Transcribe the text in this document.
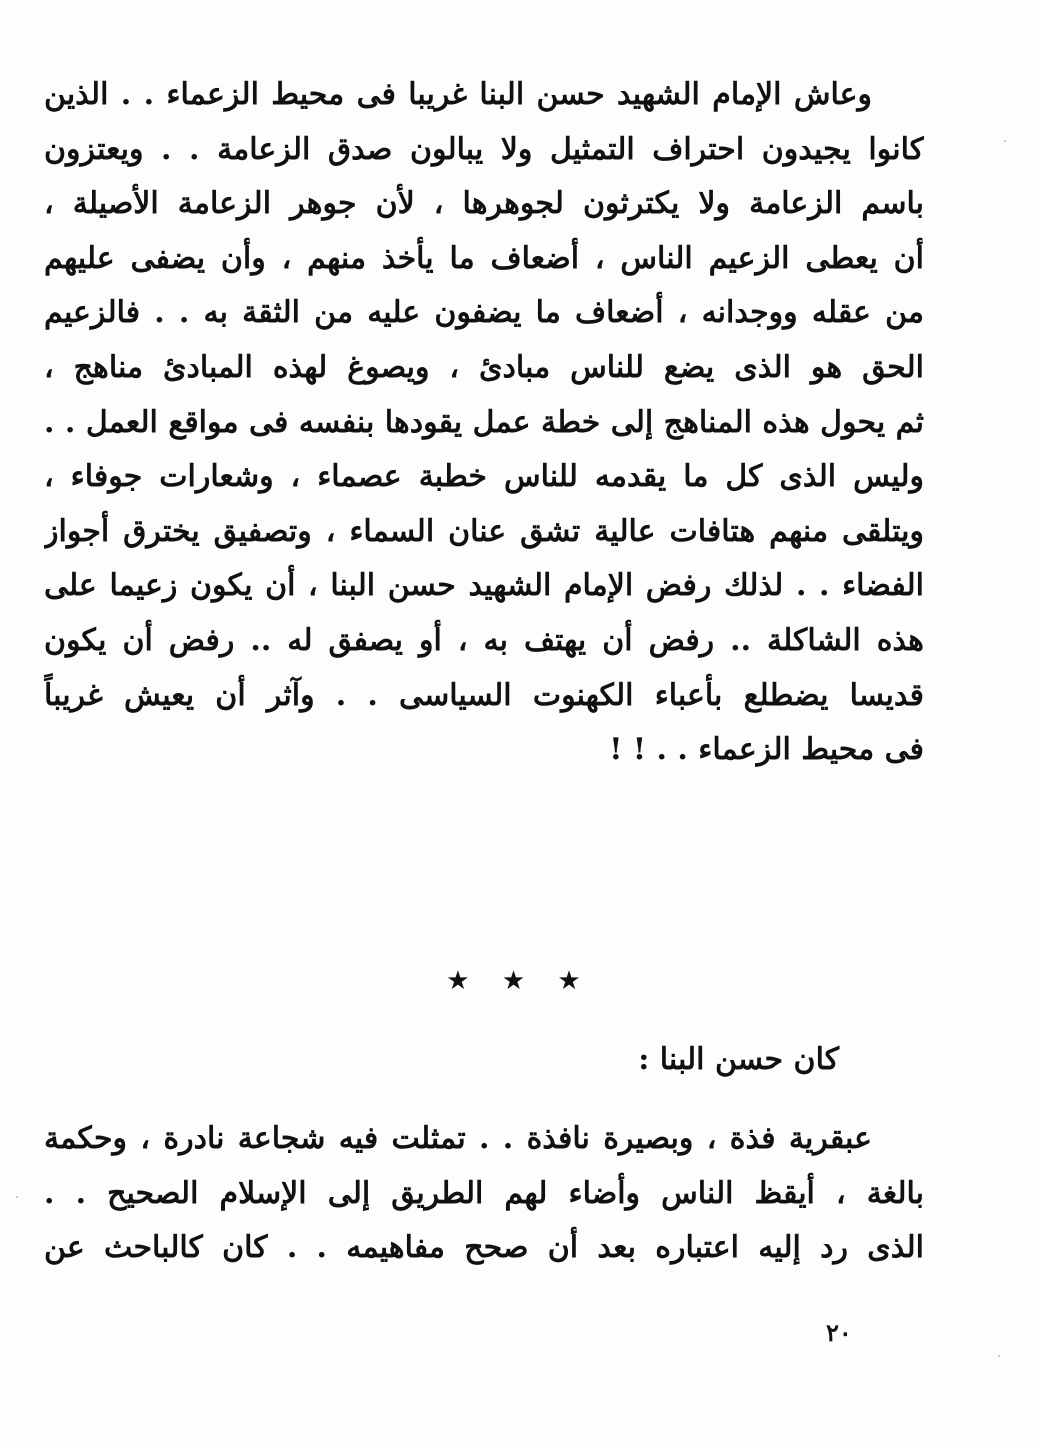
وعاش الإمام الشهيد حسن البنا غريبا فى محيط الزعماء . . الذين
كانوا يجيدون احتراف التمثيل ولا يبالون صدق الزعامة . . ويعتزون
باسم الزعامة ولا يكترثون لجوهرها ، لأن جوهر الزعامة الأصيلة ،
أن يعطى الزعيم الناس ، أضعاف ما يأخذ منهم ، وأن يضفى عليهم
من عقله ووجدانه ، أضعاف ما يضفون عليه من الثقة به . . فالزعيم
الحق هو الذى يضع للناس مبادئ ، ويصوغ لهذه المبادئ مناهج ،
ثم يحول هذه المناهج إلى خطة عمل يقودها بنفسه فى مواقع العمل . .
وليس الذى كل ما يقدمه للناس خطبة عصماء ، وشعارات جوفاء ،
ويتلقى منهم هتافات عالية تشق عنان السماء ، وتصفيق يخترق أجواز
الفضاء . . لذلك رفض الإمام الشهيد حسن البنا ، أن يكون زعيما على
هذه الشاكلة .. رفض أن يهتف به ، أو يصفق له .. رفض أن يكون
قديسا يضطلع بأعباء الكهنوت السياسى . . وآثر أن يعيش غريباً
فى محيط الزعماء . . ! !
★ ★ ★
كان حسن البنا :
عبقرية فذة ، وبصيرة نافذة . . تمثلت فيه شجاعة نادرة ، وحكمة
بالغة ، أيقظ الناس وأضاء لهم الطريق إلى الإسلام الصحيح . .
الذى رد إليه اعتباره بعد أن صحح مفاهيمه . . كان كالباحث عن
٢٠
